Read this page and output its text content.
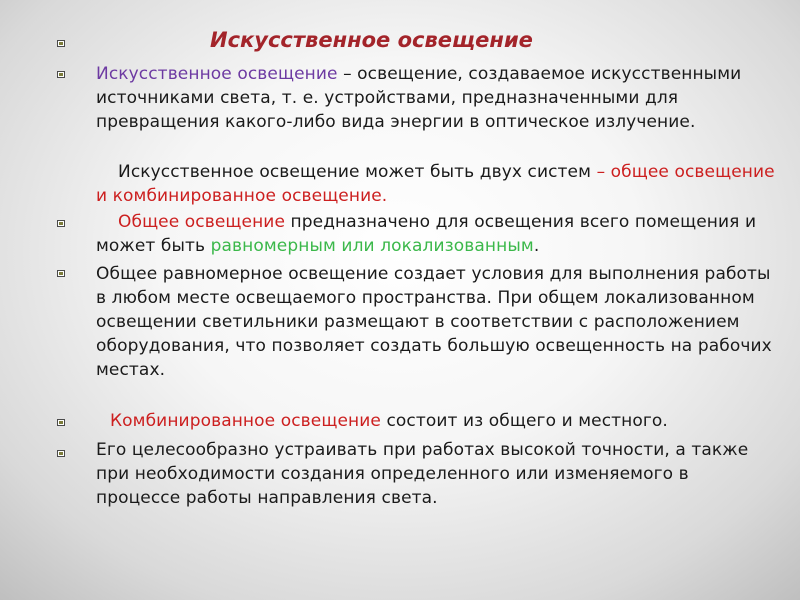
Искусственное освещение
Искусственное освещение – освещение, создаваемое искусственными источниками света, т. е. устройствами, предназначенными для превращения какого-либо вида энергии в оптическое излучение.
Искусственное освещение может быть двух систем – общее освещение и комбинированное освещение.
Общее освещение предназначено для освещения всего помещения и может быть равномерным или локализованным.
Общее равномерное освещение создает условия для выполнения работы в любом месте освещаемого пространства. При общем локализованном освещении светильники размещают в соответствии с расположением оборудования, что позволяет создать большую освещенность на рабочих местах.
Комбинированное освещение состоит из общего и местного.
Его целесообразно устраивать при работах высокой точности, а также при необходимости создания определенного или изменяемого в процессе работы направления света.
